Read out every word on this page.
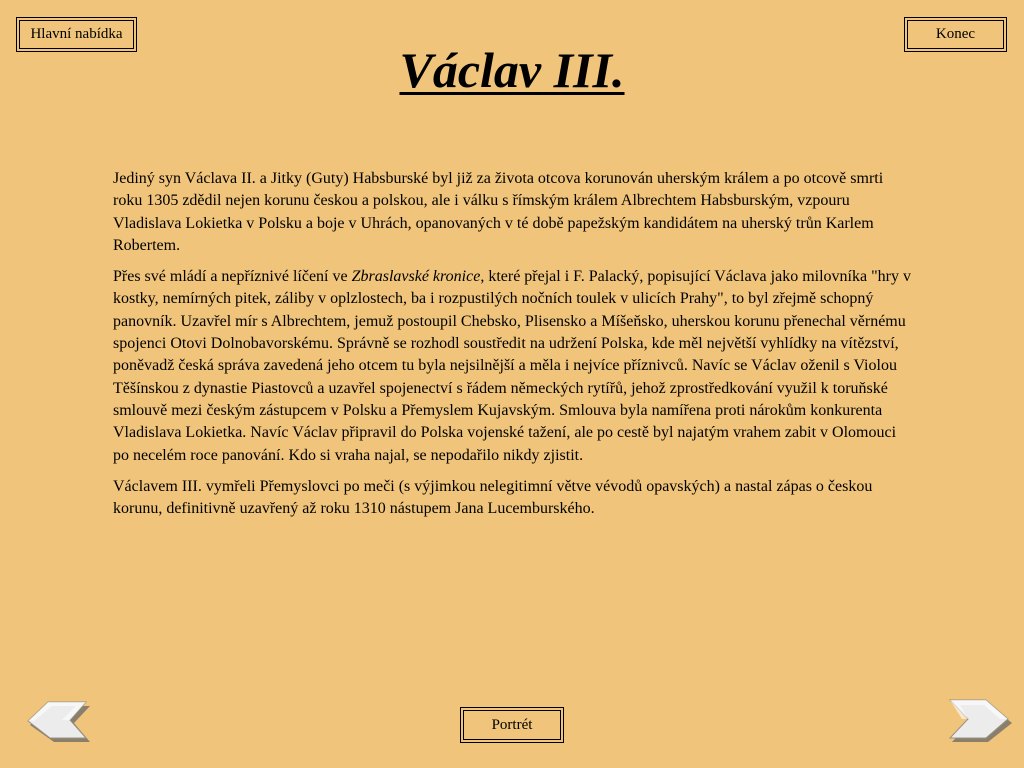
Hlavní nabídka	Konec
Václav III.

Jediný syn Václava II. a Jitky (Guty) Habsburské byl již za života otcova korunován uherským králem a po otcově smrti roku 1305 zdědil nejen korunu českou a polskou, ale i válku s římským králem Albrechtem Habsburským, vzpouru Vladislava Lokietka v Polsku a boje v Uhrách, opanovaných v té době papežským kandidátem na uherský trůn Karlem Robertem.

Přes své mládí a nepříznivé líčení ve Zbraslavské kronice, které přejal i F. Palacký, popisující Václava jako milovníka "hry v kostky, nemírných pitek, záliby v oplzlostech, ba i rozpustilých nočních toulek v ulicích Prahy", to byl zřejmě schopný panovník. Uzavřel mír s Albrechtem, jemuž postoupil Chebsko, Plisensko a Míšeňsko, uherskou korunu přenechal věrnému spojenci Otovi Dolnobavorskému. Správně se rozhodl soustředit na udržení Polska, kde měl největší vyhlídky na vítězství, poněvadž česká správa zavedená jeho otcem tu byla nejsilnější a měla i nejvíce příznivců. Navíc se Václav oženil s Violou Těšínskou z dynastie Piastovců a uzavřel spojenectví s řádem německých rytířů, jehož zprostředkování využil k toruňské smlouvě mezi českým zástupcem v Polsku a Přemyslem Kujavským. Smlouva byla namířena proti nárokům konkurenta Vladislava Lokietka. Navíc Václav připravil do Polska vojenské tažení, ale po cestě byl najatým vrahem zabit v Olomouci po necelém roce panování. Kdo si vraha najal, se nepodařilo nikdy zjistit.

Václavem III. vymřeli Přemyslovci po meči (s výjimkou nelegitimní větve vévodů opavských) a nastal zápas o českou korunu, definitivně uzavřený až roku 1310 nástupem Jana Lucemburského.

Portrét
